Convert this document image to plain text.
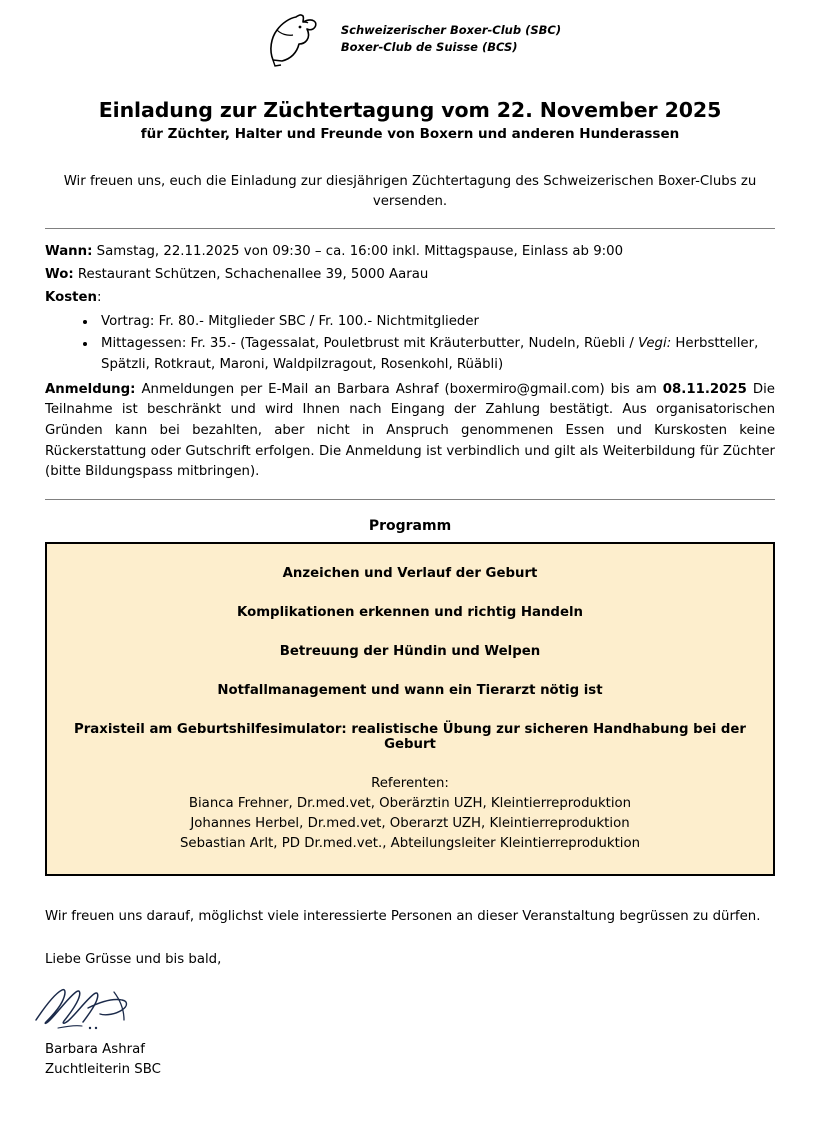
Schweizerischer Boxer-Club (SBC)
Boxer-Club de Suisse (BCS)
Einladung zur Züchtertagung vom 22. November 2025
für Züchter, Halter und Freunde von Boxern und anderen Hunderassen
Wir freuen uns, euch die Einladung zur diesjährigen Züchtertagung des Schweizerischen Boxer-Clubs zu versenden.
Wann: Samstag, 22.11.2025 von 09:30 – ca. 16:00 inkl. Mittagspause, Einlass ab 9:00
Wo: Restaurant Schützen, Schachenallee 39, 5000 Aarau
Kosten:
• Vortrag: Fr. 80.- Mitglieder SBC / Fr. 100.- Nichtmitglieder
• Mittagessen: Fr. 35.- (Tagessalat, Pouletbrust mit Kräuterbutter, Nudeln, Rüebli / Vegi: Herbstteller, Spätzli, Rotkraut, Maroni, Waldpilzragout, Rosenkohl, Rüäbli)
Anmeldung: Anmeldungen per E-Mail an Barbara Ashraf (boxermiro@gmail.com) bis am 08.11.2025 Die Teilnahme ist beschränkt und wird Ihnen nach Eingang der Zahlung bestätigt. Aus organisatorischen Gründen kann bei bezahlten, aber nicht in Anspruch genommenen Essen und Kurskosten keine Rückerstattung oder Gutschrift erfolgen. Die Anmeldung ist verbindlich und gilt als Weiterbildung für Züchter (bitte Bildungspass mitbringen).
Programm
Anzeichen und Verlauf der Geburt
Komplikationen erkennen und richtig Handeln
Betreuung der Hündin und Welpen
Notfallmanagement und wann ein Tierarzt nötig ist
Praxisteil am Geburtshilfesimulator: realistische Übung zur sicheren Handhabung bei der Geburt
Referenten:
Bianca Frehner, Dr.med.vet, Oberärztin UZH, Kleintierreproduktion
Johannes Herbel, Dr.med.vet, Oberarzt UZH, Kleintierreproduktion
Sebastian Arlt, PD Dr.med.vet., Abteilungsleiter Kleintierreproduktion
Wir freuen uns darauf, möglichst viele interessierte Personen an dieser Veranstaltung begrüssen zu dürfen.
Liebe Grüsse und bis bald,
Barbara Ashraf
Zuchtleiterin SBC
